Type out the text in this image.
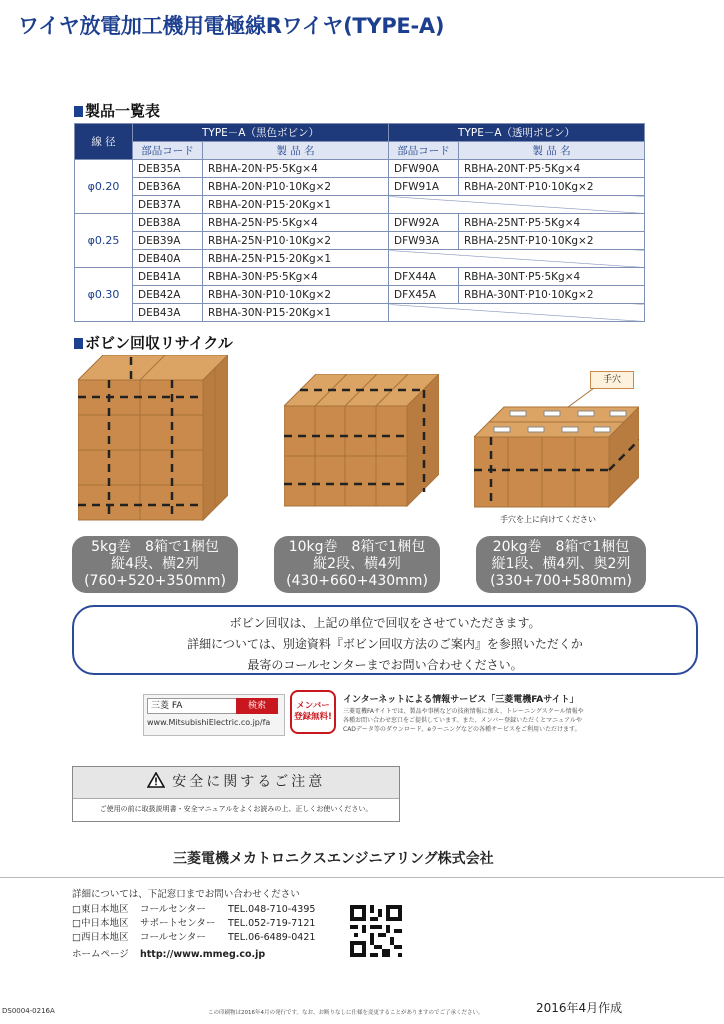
ワイヤ放電加工機用電極線Rワイヤ(TYPE-A)
製品一覧表
線 径	TYPE－A（黒色ボビン）		TYPE－A（透明ボビン）	
	部品コード	製 品 名	部品コード	製 品 名
φ0.20	DEB35A	RBHA-20N·P5·5Kg×4	DFW90A	RBHA-20NT·P5·5Kg×4
	DEB36A	RBHA-20N·P10·10Kg×2	DFW91A	RBHA-20NT·P10·10Kg×2
	DEB37A	RBHA-20N·P15·20Kg×1		
φ0.25	DEB38A	RBHA-25N·P5·5Kg×4	DFW92A	RBHA-25NT·P5·5Kg×4
	DEB39A	RBHA-25N·P10·10Kg×2	DFW93A	RBHA-25NT·P10·10Kg×2
	DEB40A	RBHA-25N·P15·20Kg×1		
φ0.30	DEB41A	RBHA-30N·P5·5Kg×4	DFX44A	RBHA-30NT·P5·5Kg×4
	DEB42A	RBHA-30N·P10·10Kg×2	DFX45A	RBHA-30NT·P10·10Kg×2
	DEB43A	RBHA-30N·P15·20Kg×1		
ボビン回収リサイクル
手穴
手穴を上に向けてください
5kg巻　8箱で1梱包
縦4段、横2列
(760+520+350mm)
10kg巻　8箱で1梱包
縦2段、横4列
(430+660+430mm)
20kg巻　8箱で1梱包
縦1段、横4列、奥2列
(330+700+580mm)
ボビン回収は、上記の単位で回収をさせていただきます。
詳細については、別途資料『ボビン回収方法のご案内』を参照いただくか
最寄のコールセンターまでお問い合わせください。
三菱 FA	検索
www.MitsubishiElectric.co.jp/fa
メンバー
登録無料!
インターネットによる情報サービス「三菱電機FAサイト」
三菱電機FAサイトでは、製品や事例などの技術情報に加え、トレーニングスクール情報や
各種お問い合わせ窓口をご提供しています。また、メンバー登録いただくとマニュアルや
CADデータ等のダウンロード、eラーニングなどの各種サービスをご利用いただけます。
安全に関するご注意
ご使用の前に取扱説明書・安全マニュアルをよくお読みの上、正しくお使いください。
三菱電機メカトロニクスエンジニアリング株式会社
詳細については、下記窓口までお問い合わせください
□東日本地区 コールセンター TEL.048-710-4395
□中日本地区 サポートセンター TEL.052-719-7121
□西日本地区 コールセンター TEL.06-6489-0421
ホームページ http://www.mmeg.co.jp
DS0004-0216A	この印刷物は2016年4月の発行です。なお、お断りなしに仕様を変更することがありますのでご了承ください。	2016年4月作成
